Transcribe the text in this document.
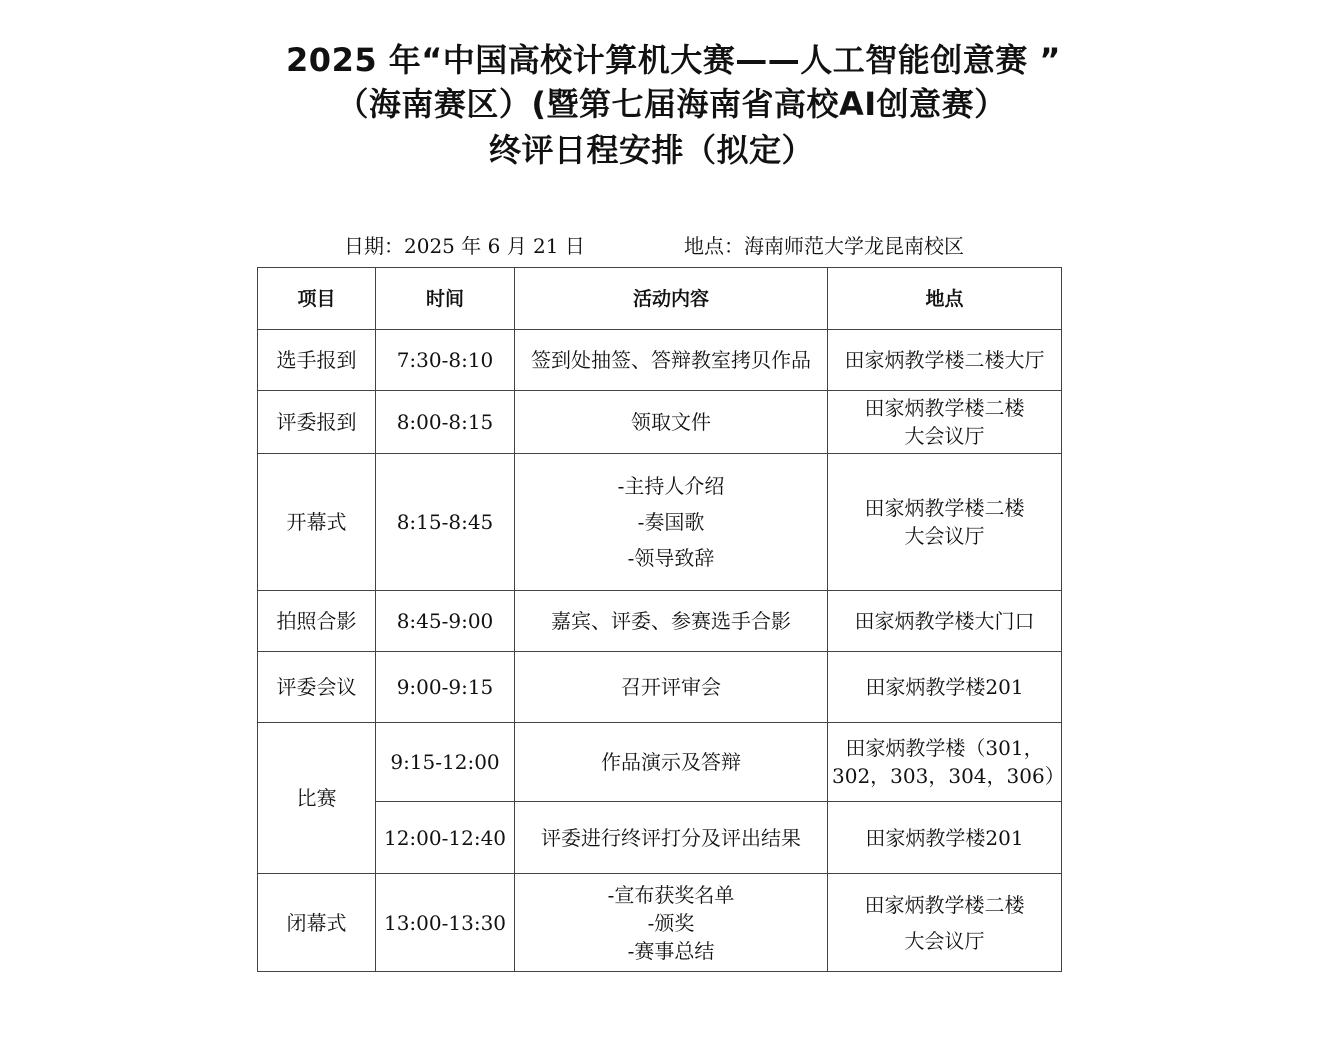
2025 年“中国高校计算机大赛——人工智能创意赛 ”
（海南赛区）(暨第七届海南省高校AI创意赛）
终评日程安排（拟定）
日期：2025 年 6 月 21 日	地点：海南师范大学龙昆南校区
项目	时间	活动内容	地点
选手报到	7:30-8:10	签到处抽签、答辩教室拷贝作品	田家炳教学楼二楼大厅

评委报到	8:00-8:15	领取文件	田家炳教学楼二楼
大会议厅

开幕式	8:15-8:45	-主持人介绍
-奏国歌
-领导致辞	田家炳教学楼二楼
大会议厅

拍照合影	8:45-9:00	嘉宾、评委、参赛选手合影	田家炳教学楼大门口

评委会议	9:00-9:15	召开评审会	田家炳教学楼201

比赛	9:15-12:00	作品演示及答辩	田家炳教学楼（301，
302，303，304，306）

	12:00-12:40	评委进行终评打分及评出结果	田家炳教学楼201

闭幕式	13:00-13:30	-宣布获奖名单
-颁奖
-赛事总结	田家炳教学楼二楼
大会议厅
